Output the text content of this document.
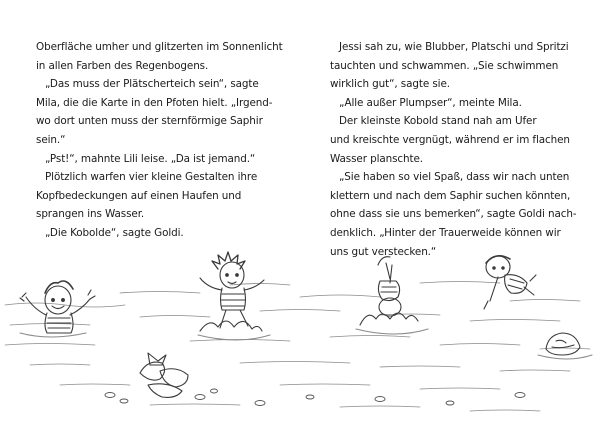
Oberfläche umher und glitzerten im Sonnenlicht
in allen Farben des Regenbogens.
„Das muss der Plätscherteich sein“, sagte
Mila, die die Karte in den Pfoten hielt. „Irgend-
wo dort unten muss der sternförmige Saphir
sein.“
„Pst!“, mahnte Lili leise. „Da ist jemand.“
Plötzlich warfen vier kleine Gestalten ihre
Kopfbedeckungen auf einen Haufen und
sprangen ins Wasser.
„Die Kobolde“, sagte Goldi.
Jessi sah zu, wie Blubber, Platschi und Spritzi
tauchten und schwammen. „Sie schwimmen
wirklich gut“, sagte sie.
„Alle außer Plumpser“, meinte Mila.
Der kleinste Kobold stand nah am Ufer
und kreischte vergnügt, während er im flachen
Wasser planschte.
„Sie haben so viel Spaß, dass wir nach unten
klettern und nach dem Saphir suchen könnten,
ohne dass sie uns bemerken“, sagte Goldi nach-
denklich. „Hinter der Trauerweide können wir
uns gut verstecken.“
